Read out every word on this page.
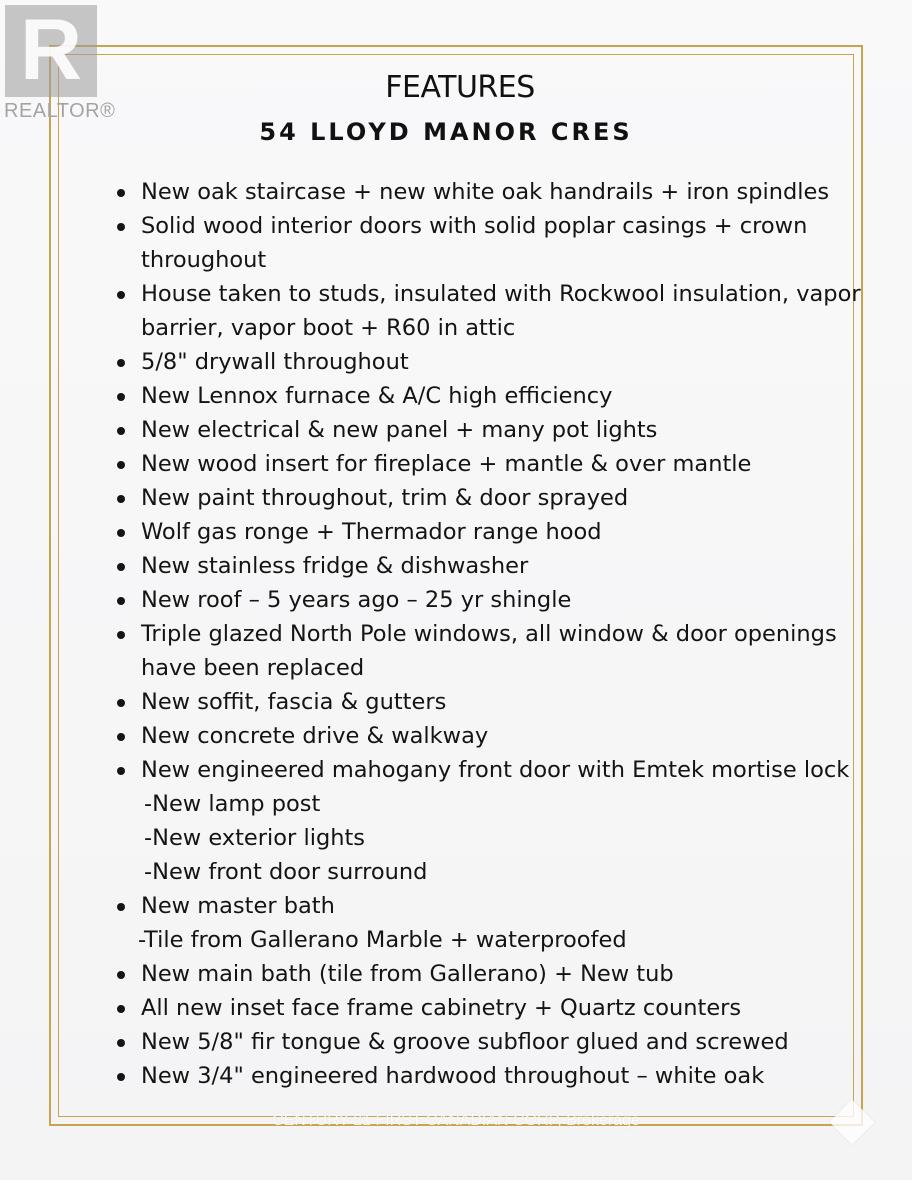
R
REALTOR®
FEATURES
54 LLOYD MANOR CRES
New oak staircase + new white oak handrails + iron spindles
Solid wood interior doors with solid poplar casings + crown
throughout
House taken to studs, insulated with Rockwool insulation, vapor
barrier, vapor boot + R60 in attic
5/8" drywall throughout
New Lennox furnace & A/C high efficiency
New electrical & new panel + many pot lights
New wood insert for fireplace + mantle & over mantle
New paint throughout, trim & door sprayed
Wolf gas ronge + Thermador range hood
New stainless fridge & dishwasher
New roof – 5 years ago – 25 yr shingle
Triple glazed North Pole windows, all window & door openings
have been replaced
New soffit, fascia & gutters
New concrete drive & walkway
New engineered mahogany front door with Emtek mortise lock
-New lamp post
-New exterior lights
-New front door surround
New master bath
-Tile from Gallerano Marble + waterproofed
New main bath (tile from Gallerano) + New tub
All new inset face frame cabinetry + Quartz counters
New 5/8" fir tongue & groove subfloor glued and screwed
New 3/4" engineered hardwood throughout – white oak
CENTURY 21 FIRST CANADIAN CORP, Brokerage
